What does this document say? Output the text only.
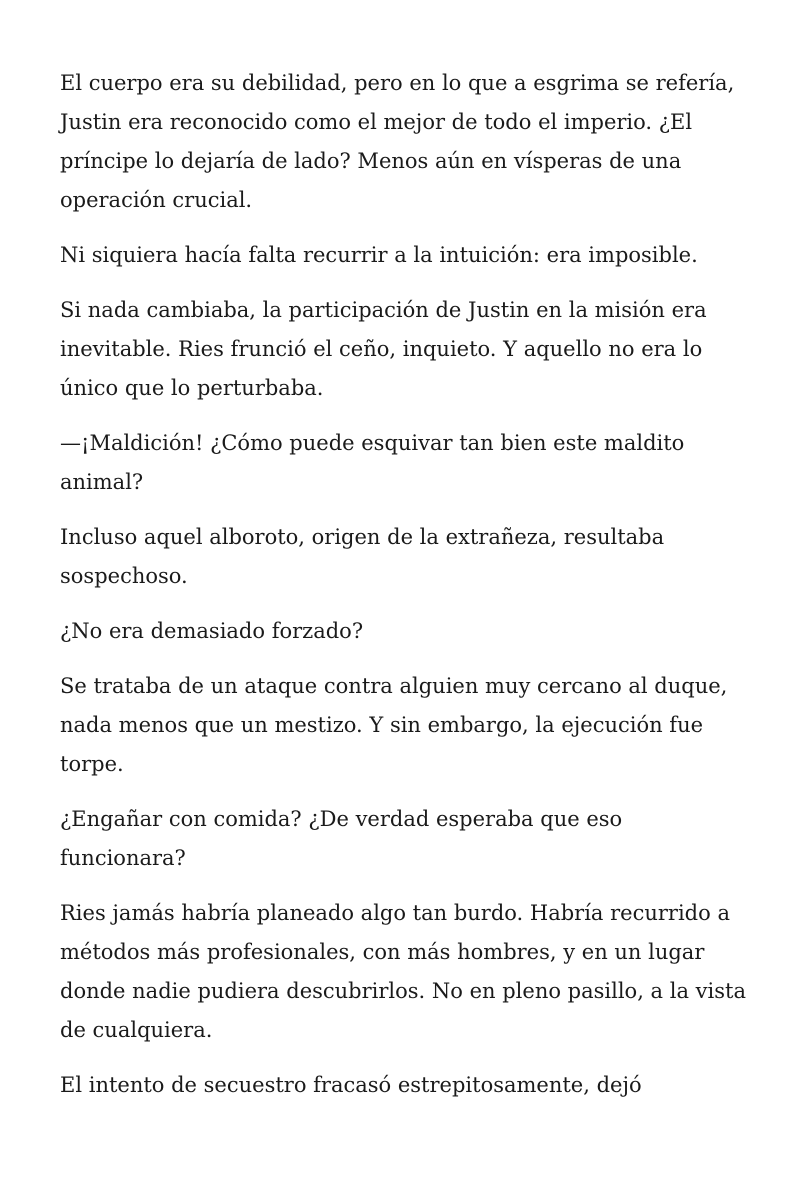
El cuerpo era su debilidad, pero en lo que a esgrima se refería, Justin era reconocido como el mejor de todo el imperio. ¿El príncipe lo dejaría de lado? Menos aún en vísperas de una operación crucial.

Ni siquiera hacía falta recurrir a la intuición: era imposible.

Si nada cambiaba, la participación de Justin en la misión era inevitable. Ries frunció el ceño, inquieto. Y aquello no era lo único que lo perturbaba.

—¡Maldición! ¿Cómo puede esquivar tan bien este maldito animal?

Incluso aquel alboroto, origen de la extrañeza, resultaba sospechoso.

¿No era demasiado forzado?

Se trataba de un ataque contra alguien muy cercano al duque, nada menos que un mestizo. Y sin embargo, la ejecución fue torpe.

¿Engañar con comida? ¿De verdad esperaba que eso funcionara?

Ries jamás habría planeado algo tan burdo. Habría recurrido a métodos más profesionales, con más hombres, y en un lugar donde nadie pudiera descubrirlos. No en pleno pasillo, a la vista de cualquiera.

El intento de secuestro fracasó estrepitosamente, dejó
